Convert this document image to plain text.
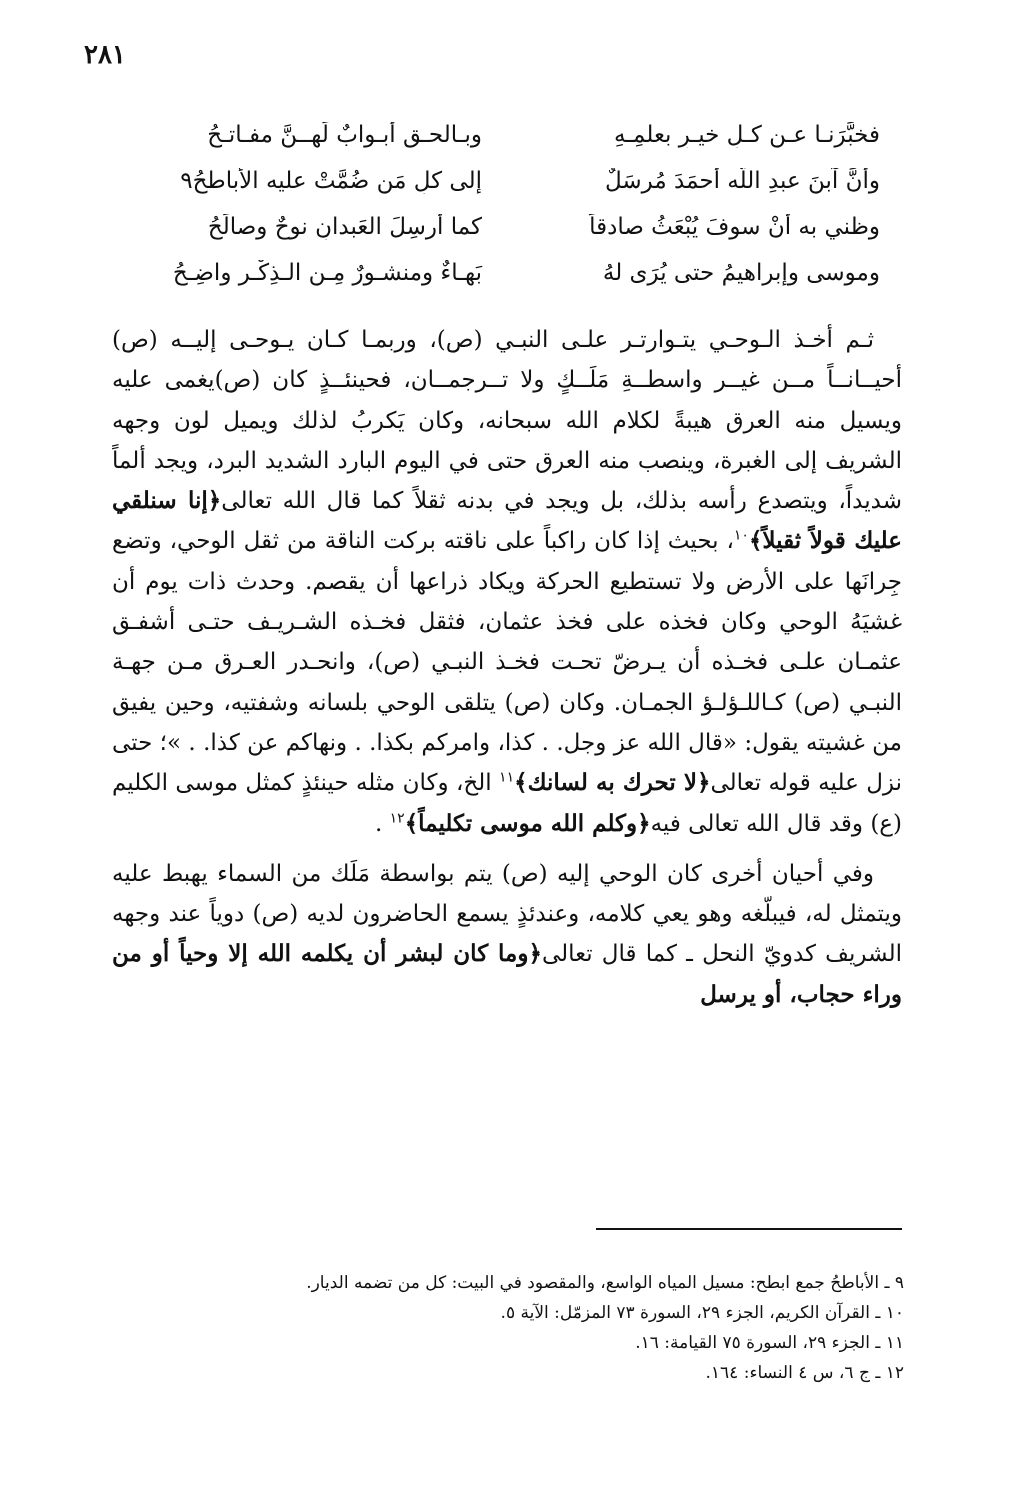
٢٨١
فخبَّرَنـا عـن كـلِ خيـرٍ بعلمِـهِ
وبـالحـق أبـوابٌ لَهــنَّ مفـاتـحُ
وأنَّ آبنَ عبدِ اللَّه أحمَدَ مُرسَلٌ
إلى كلِ مَن ضُمَّتْ عليه الأَباطحُ٩
وظني به أنْ سوفَ يُبْعَثُ صادقاً
كما أرسِلَ العَبدانِ نوحٌ وصالَحُ
وموسى وإبراهيمُ حتى يُرَى لهُ
بَهـاءٌ ومنشـورٌ مِـن الـذِكْـرِ واضِـحُ

ثـم أخـذ الـوحـي يتـوارتـر علـى النبـي (ص)، وربمـا كـان يـوحـى إليــه (ص) أحيــانــاً مــن غيــر واسطــةِ مَلَــكٍ ولا تــرجمــان، فحينئــذٍ كان (ص)يغمى عليه ويسيل منه العرق هيبةً لكلام الله سبحانه، وكان يَكربُ لذلك ويميل لون وجهه الشريف إلى الغبرة، وينصب منه العرق حتى في اليوم البارد الشديد البرد، ويجد ألماً شديداً، ويتصدع رأسه بذلك، بل ويجد في بدنه ثقلاً كما قال الله تعالى﴿إنا سنلقي عليك قولاً ثقيلاً﴾$^{١٠}$، بحيث إذا كان راكباً على ناقته بركت الناقة من ثقل الوحي، وتضع جِرانَها على الأرض ولا تستطيع الحركة ويكاد ذراعها أن يقصم. وحدث ذات يوم أن غشيَهُ الوحي وكان فخذه على فخذ عثمان، فثقل فخـذه الشـريـف حتـى أشفـق عثمـان علـى فخـذه أن يـرضّ تحـت فخـذ النبـي (ص)، وانحـدر العـرق مـن جهـة النبـي (ص) كـاللـؤلـؤ الجمـان. وكان (ص) يتلقى الوحي بلسانه وشفتيه، وحين يفيق من غشيته يقول: «قال الله عز وجل. . كذا، وامركم بكذا. . ونهاكم عن كذا. . »؛ حتى نزل عليه قوله تعالى﴿لا تحرك به لسانك﴾$^{١١}$ الخ، وكان مثله حينئذٍ كمثل موسى الكليم (ع) وقد قال الله تعالى فيه﴿وكلم الله موسى تكليماً﴾$^{١٢}$ .

وفي أحيان أخرى كان الوحي إليه (ص) يتم بواسطة مَلَك من السماء يهبط عليه ويتمثل له، فيبلّغه وهو يعي كلامه، وعندئذٍ يسمع الحاضرون لديه (ص) دوياً عند وجهه الشريف كدويّ النحل ـ كما قال تعالى﴿وما كان لبشر أن يكلمه الله إلا وحياً أو من وراء حجاب، أو يرسل

٩ ـ الأباطحُ جمع ابطح: مسيل المياه الواسع، والمقصود في البيت: كل من تضمه الديار.

١٠ ـ القرآن الكريم، الجزء ٢٩، السورة ٧٣ المزمّل: الآية ٥.

١١ ـ الجزء ٢٩، السورة ٧٥ القيامة: ١٦.

١٢ ـ ج ٦، س ٤ النساء: ١٦٤.
